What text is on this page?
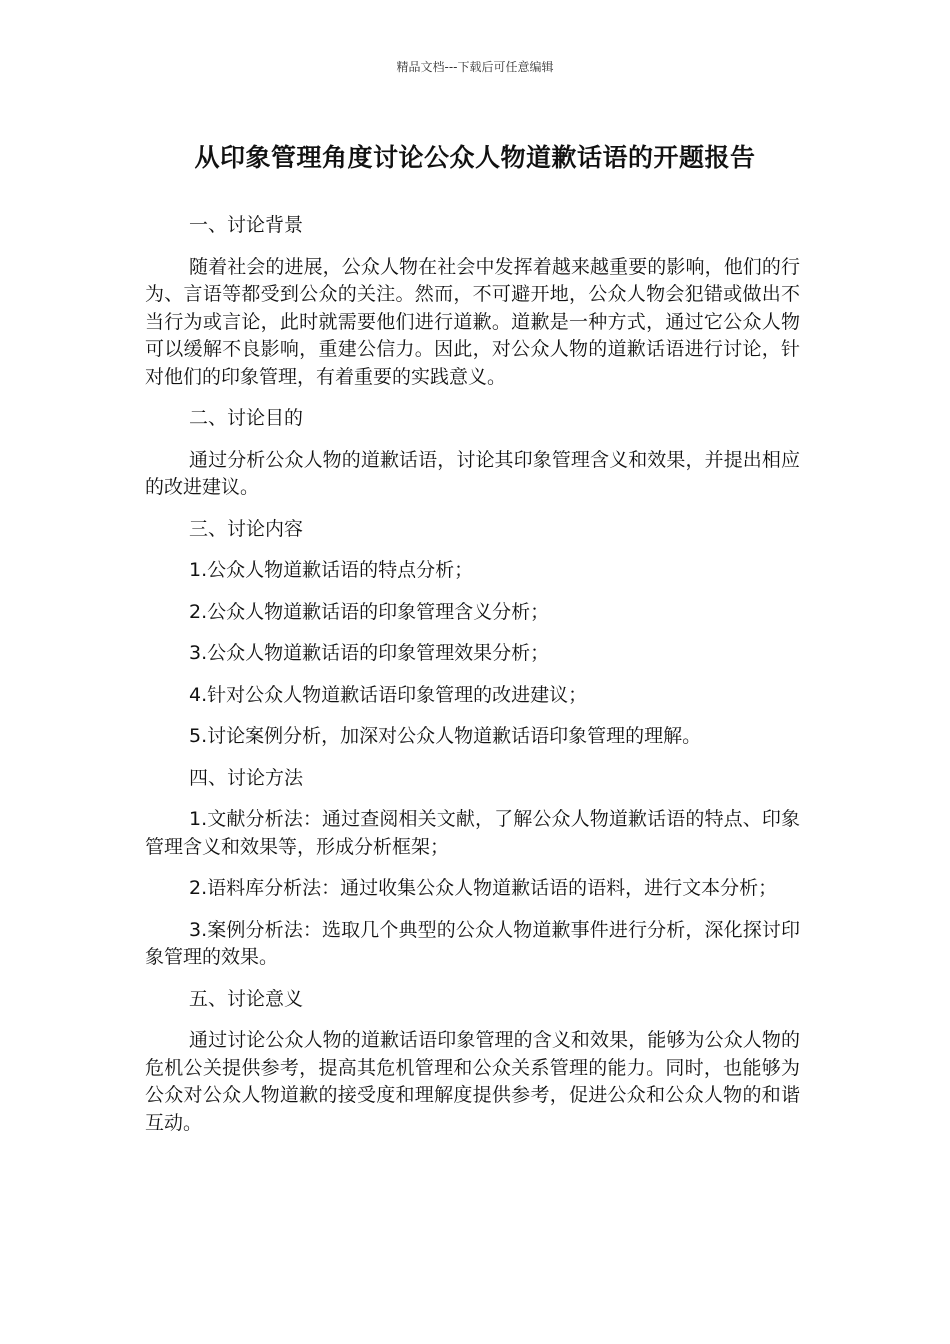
精品文档---下载后可任意编辑
从印象管理角度讨论公众人物道歉话语的开题报告

一、讨论背景

随着社会的进展，公众人物在社会中发挥着越来越重要的影响，他们的行为、言语等都受到公众的关注。然而，不可避开地，公众人物会犯错或做出不当行为或言论，此时就需要他们进行道歉。道歉是一种方式，通过它公众人物可以缓解不良影响，重建公信力。因此，对公众人物的道歉话语进行讨论，针对他们的印象管理，有着重要的实践意义。

二、讨论目的

通过分析公众人物的道歉话语，讨论其印象管理含义和效果，并提出相应的改进建议。

三、讨论内容

1.公众人物道歉话语的特点分析；

2.公众人物道歉话语的印象管理含义分析；

3.公众人物道歉话语的印象管理效果分析；

4.针对公众人物道歉话语印象管理的改进建议；

5.讨论案例分析，加深对公众人物道歉话语印象管理的理解。

四、讨论方法

1.文献分析法：通过查阅相关文献，了解公众人物道歉话语的特点、印象管理含义和效果等，形成分析框架；

2.语料库分析法：通过收集公众人物道歉话语的语料，进行文本分析；

3.案例分析法：选取几个典型的公众人物道歉事件进行分析，深化探讨印象管理的效果。

五、讨论意义

通过讨论公众人物的道歉话语印象管理的含义和效果，能够为公众人物的危机公关提供参考，提高其危机管理和公众关系管理的能力。同时，也能够为公众对公众人物道歉的接受度和理解度提供参考，促进公众和公众人物的和谐互动。
